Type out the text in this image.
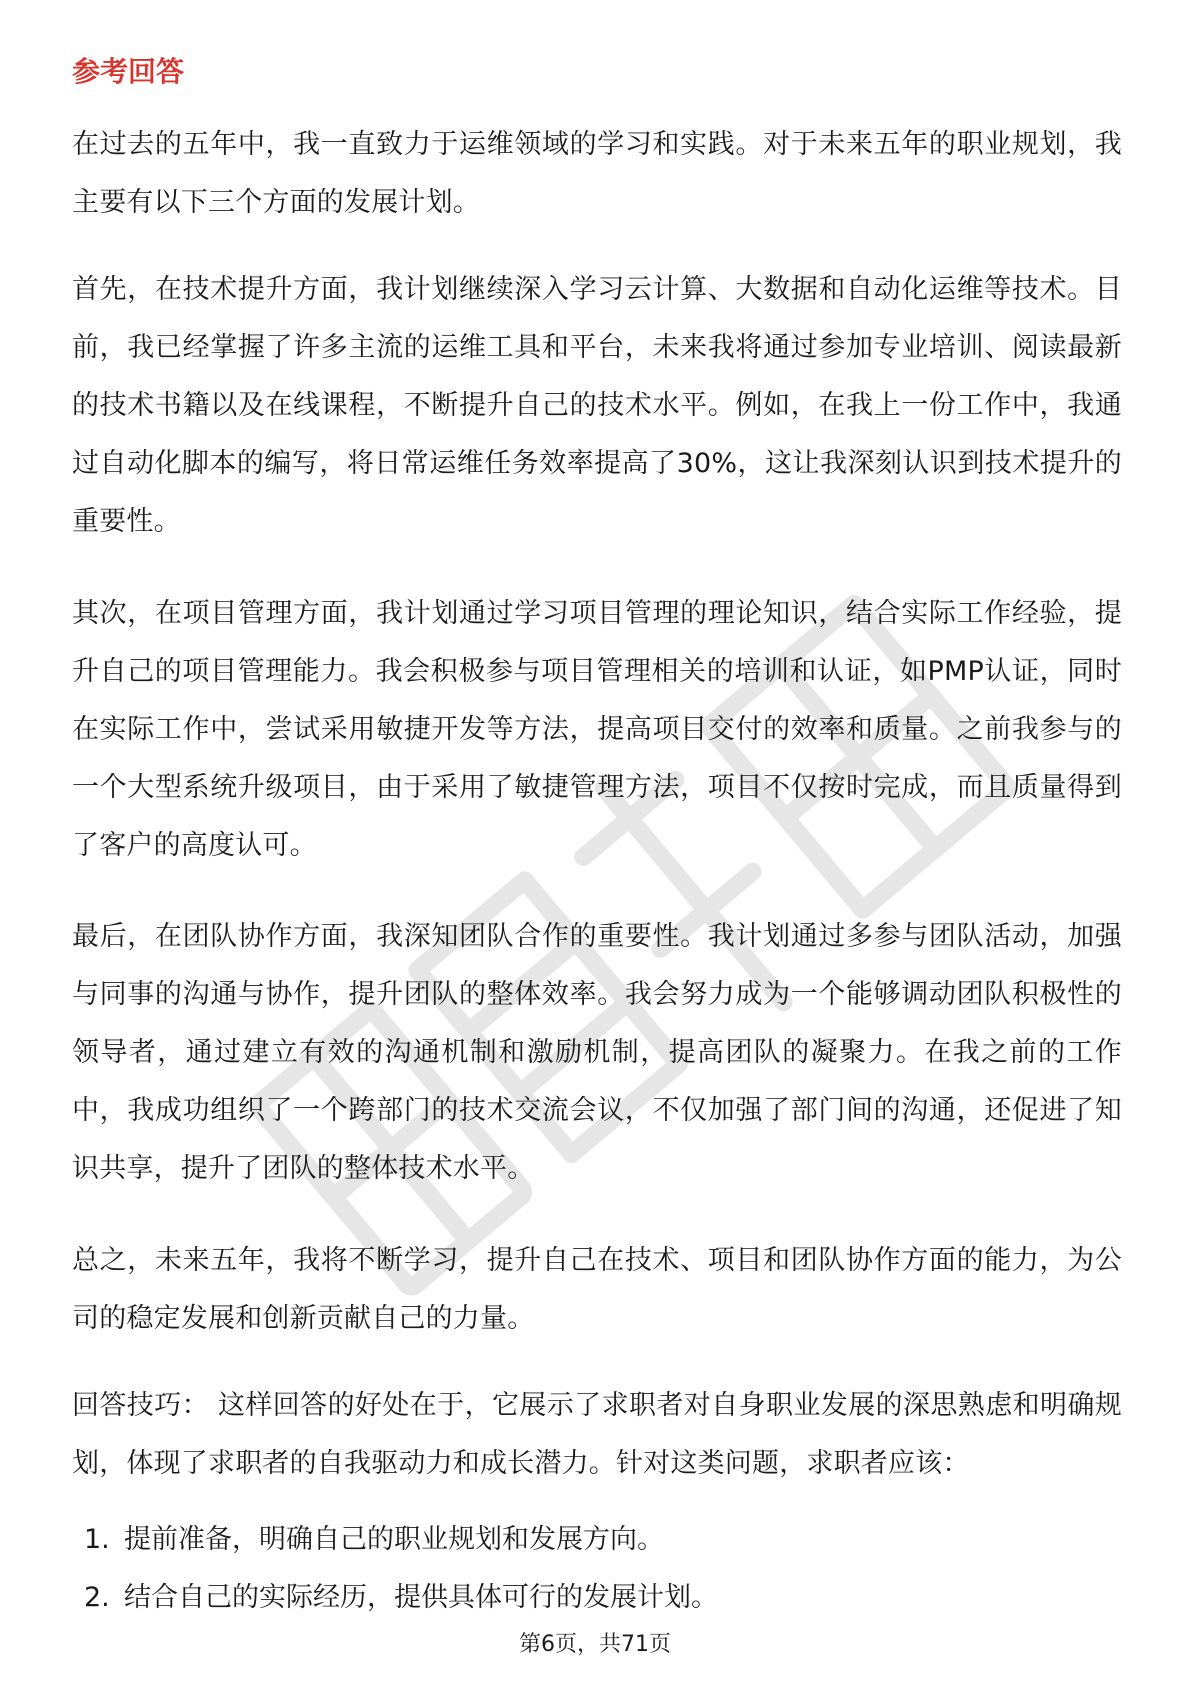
参考回答

在过去的五年中，我一直致力于运维领域的学习和实践。对于未来五年的职业规划，我主要有以下三个方面的发展计划。

首先，在技术提升方面，我计划继续深入学习云计算、大数据和自动化运维等技术。目前，我已经掌握了许多主流的运维工具和平台，未来我将通过参加专业培训、阅读最新的技术书籍以及在线课程，不断提升自己的技术水平。例如，在我上一份工作中，我通过自动化脚本的编写，将日常运维任务效率提高了30%，这让我深刻认识到技术提升的重要性。

其次，在项目管理方面，我计划通过学习项目管理的理论知识，结合实际工作经验，提升自己的项目管理能力。我会积极参与项目管理相关的培训和认证，如PMP认证，同时在实际工作中，尝试采用敏捷开发等方法，提高项目交付的效率和质量。之前我参与的一个大型系统升级项目，由于采用了敏捷管理方法，项目不仅按时完成，而且质量得到了客户的高度认可。

最后，在团队协作方面，我深知团队合作的重要性。我计划通过多参与团队活动，加强与同事的沟通与协作，提升团队的整体效率。我会努力成为一个能够调动团队积极性的领导者，通过建立有效的沟通机制和激励机制，提高团队的凝聚力。在我之前的工作中，我成功组织了一个跨部门的技术交流会议，不仅加强了部门间的沟通，还促进了知识共享，提升了团队的整体技术水平。

总之，未来五年，我将不断学习，提升自己在技术、项目和团队协作方面的能力，为公司的稳定发展和创新贡献自己的力量。

回答技巧： 这样回答的好处在于，它展示了求职者对自身职业发展的深思熟虑和明确规划，体现了求职者的自我驱动力和成长潜力。针对这类问题，求职者应该：

1. 提前准备，明确自己的职业规划和发展方向。
2. 结合自己的实际经历，提供具体可行的发展计划。
第6页，共71页
